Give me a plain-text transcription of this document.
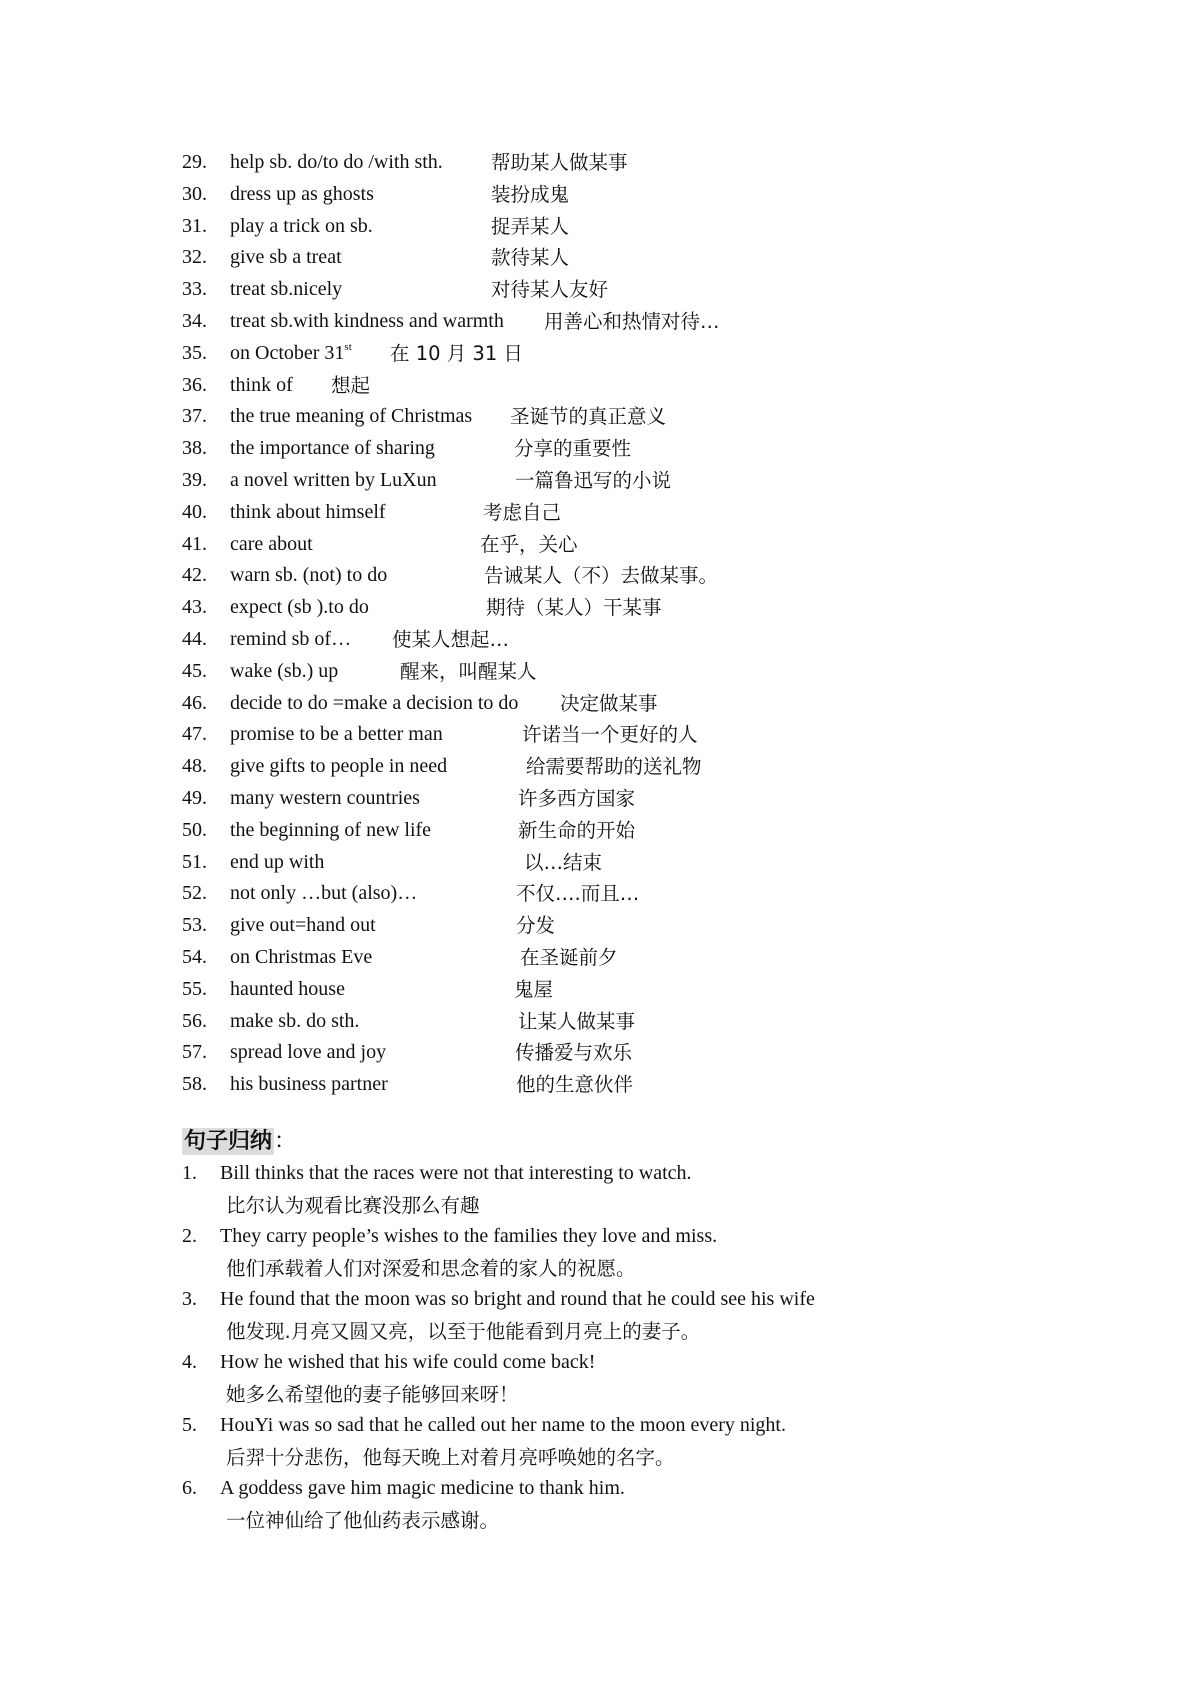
29. help sb. do/to do /with sth. 帮助某人做某事
30. dress up as ghosts	装扮成鬼
31. play a trick on sb.	捉弄某人
32. give sb a treat	款待某人
33. treat sb.nicely	对待某人友好
34. treat sb.with kindness and warmth 用善心和热情对待…
35. on October 31st 在 10 月 31 日
36. think of 想起
37. the true meaning of Christmas 圣诞节的真正意义
38. the importance of sharing	分享的重要性
39. a novel written by LuXun	一篇鲁迅写的小说
40. think about himself	考虑自己
41. care about	在乎，关心
42. warn sb. (not) to do	告诫某人（不）去做某事。
43. expect (sb ).to do	期待（某人）干某事
44. remind sb of… 使某人想起…
45. wake (sb.) up	醒来，叫醒某人
46. decide to do =make a decision to do 决定做某事
47. promise to be a better man	许诺当一个更好的人
48. give gifts to people in need	给需要帮助的送礼物
49. many western countries	许多西方国家
50. the beginning of new life	新生命的开始
51. end up with	以…结束
52. not only …but (also)…	不仅….而且…
53. give out=hand out	分发
54. on Christmas Eve	在圣诞前夕
55. haunted house	鬼屋
56. make sb. do sth.	让某人做某事
57. spread love and joy	传播爱与欢乐
58. his business partner	他的生意伙伴
句子归纳：
1. Bill thinks that the races were not that interesting to watch.
比尔认为观看比赛没那么有趣
2. They carry people’s wishes to the families they love and miss.
他们承载着人们对深爱和思念着的家人的祝愿。
3. He found that the moon was so bright and round that he could see his wife
他发现.月亮又圆又亮，以至于他能看到月亮上的妻子。
4. How he wished that his wife could come back!
她多么希望他的妻子能够回来呀！
5. HouYi was so sad that he called out her name to the moon every night.
后羿十分悲伤，他每天晚上对着月亮呼唤她的名字。
6. A goddess gave him magic medicine to thank him.
一位神仙给了他仙药表示感谢。
